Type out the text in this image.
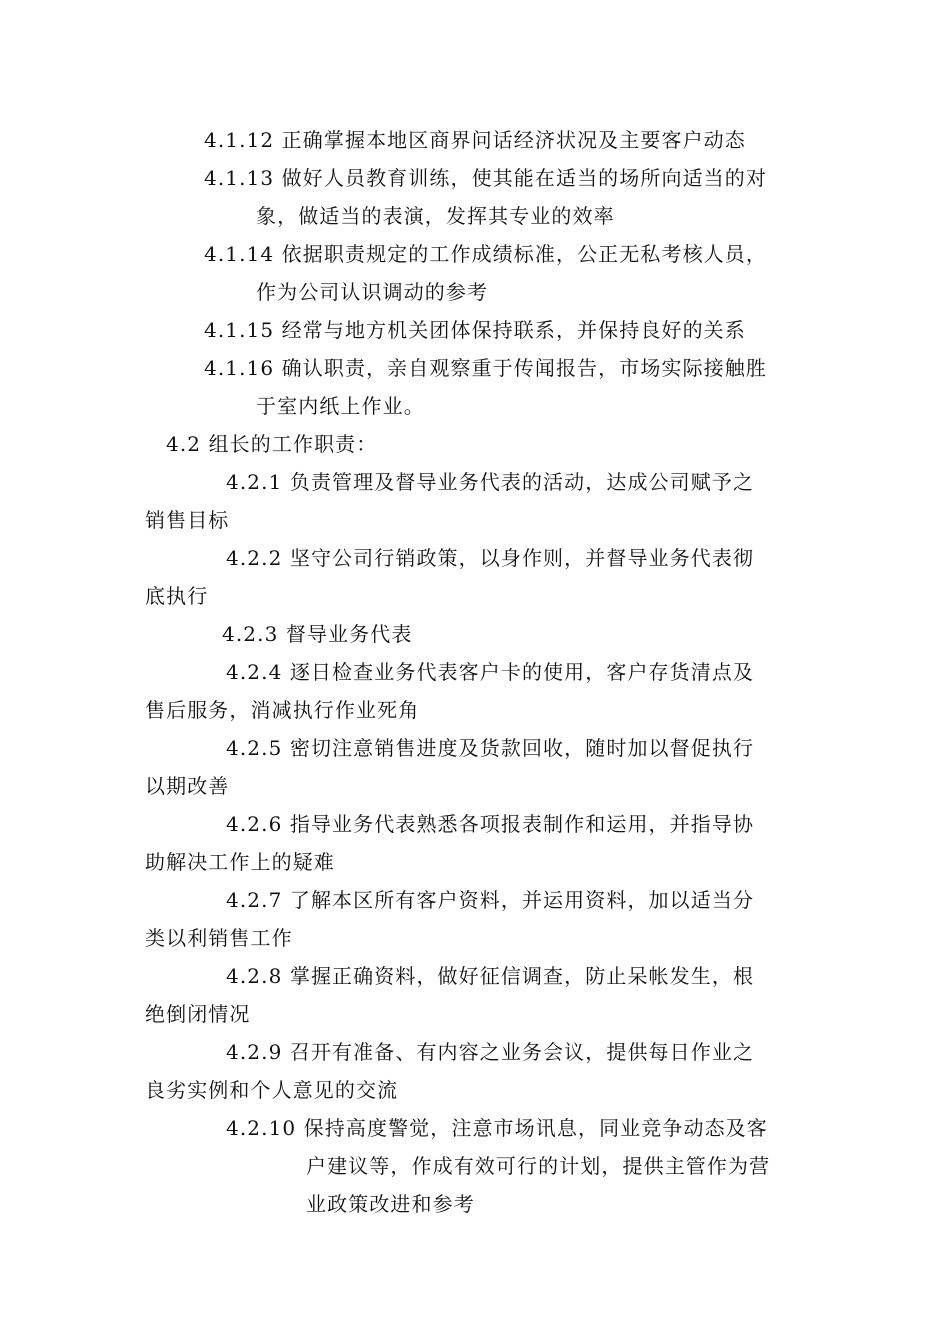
4.1.12 正确掌握本地区商界问话经济状况及主要客户动态
4.1.13 做好人员教育训练，使其能在适当的场所向适当的对
象，做适当的表演，发挥其专业的效率
4.1.14 依据职责规定的工作成绩标准，公正无私考核人员，
作为公司认识调动的参考
4.1.15 经常与地方机关团体保持联系，并保持良好的关系
4.1.16 确认职责，亲自观察重于传闻报告，市场实际接触胜
于室内纸上作业。
4.2 组长的工作职责：
4.2.1 负责管理及督导业务代表的活动，达成公司赋予之
销售目标
4.2.2 坚守公司行销政策，以身作则，并督导业务代表彻
底执行
4.2.3 督导业务代表
4.2.4 逐日检查业务代表客户卡的使用，客户存货清点及
售后服务，消减执行作业死角
4.2.5 密切注意销售进度及货款回收，随时加以督促执行
以期改善
4.2.6 指导业务代表熟悉各项报表制作和运用，并指导协
助解决工作上的疑难
4.2.7 了解本区所有客户资料，并运用资料，加以适当分
类以利销售工作
4.2.8 掌握正确资料，做好征信调查，防止呆帐发生，根
绝倒闭情况
4.2.9 召开有准备、有内容之业务会议，提供每日作业之
良劣实例和个人意见的交流
4.2.10 保持高度警觉，注意市场讯息，同业竞争动态及客
户建议等，作成有效可行的计划，提供主管作为营
业政策改进和参考
